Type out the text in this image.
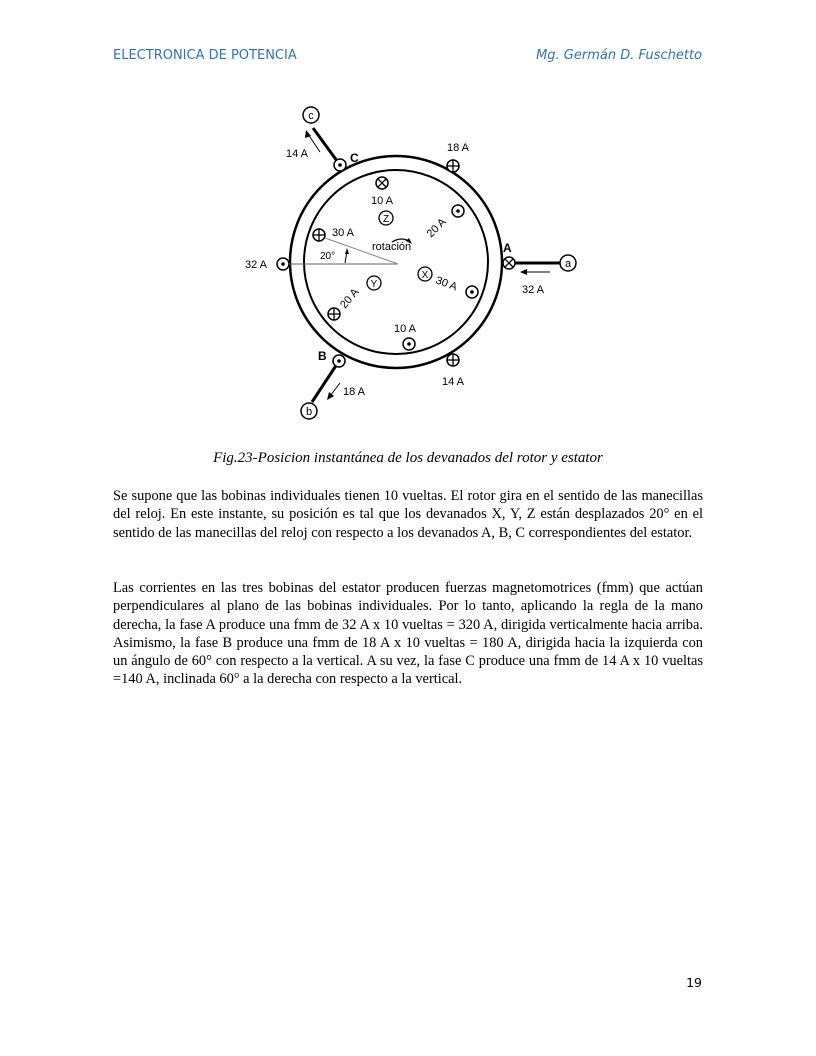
ELECTRONICA DE POTENCIA	Mg. Germán D. Fuschetto
c
a
b
Z
Y
X
C
A
B
14 A	18 A
10 A
20 A
30 A
rotación
20°
32 A
30 A	32 A
20 A
10 A
14 A
18 A
Fig.23-Posicion instantánea de los devanados del rotor y estator

Se supone que las bobinas individuales tienen 10 vueltas. El rotor gira en el sentido de las manecillas del reloj. En este instante, su posición es tal que los devanados X, Y, Z están desplazados 20° en el sentido de las manecillas del reloj con respecto a los devanados A, B, C correspondientes del estator.

Las corrientes en las tres bobinas del estator producen fuerzas magnetomotrices (fmm) que actúan perpendiculares al plano de las bobinas individuales. Por lo tanto, aplicando la regla de la mano derecha, la fase A produce una fmm de 32 A x 10 vueltas = 320 A, dirigida verticalmente hacia arriba. Asimismo, la fase B produce una fmm de 18 A x 10 vueltas = 180 A, dirigida hacia la izquierda con un ángulo de 60° con respecto a la vertical. A su vez, la fase C produce una fmm de 14 A x 10 vueltas =140 A, inclinada 60° a la derecha con respecto a la vertical.

19
